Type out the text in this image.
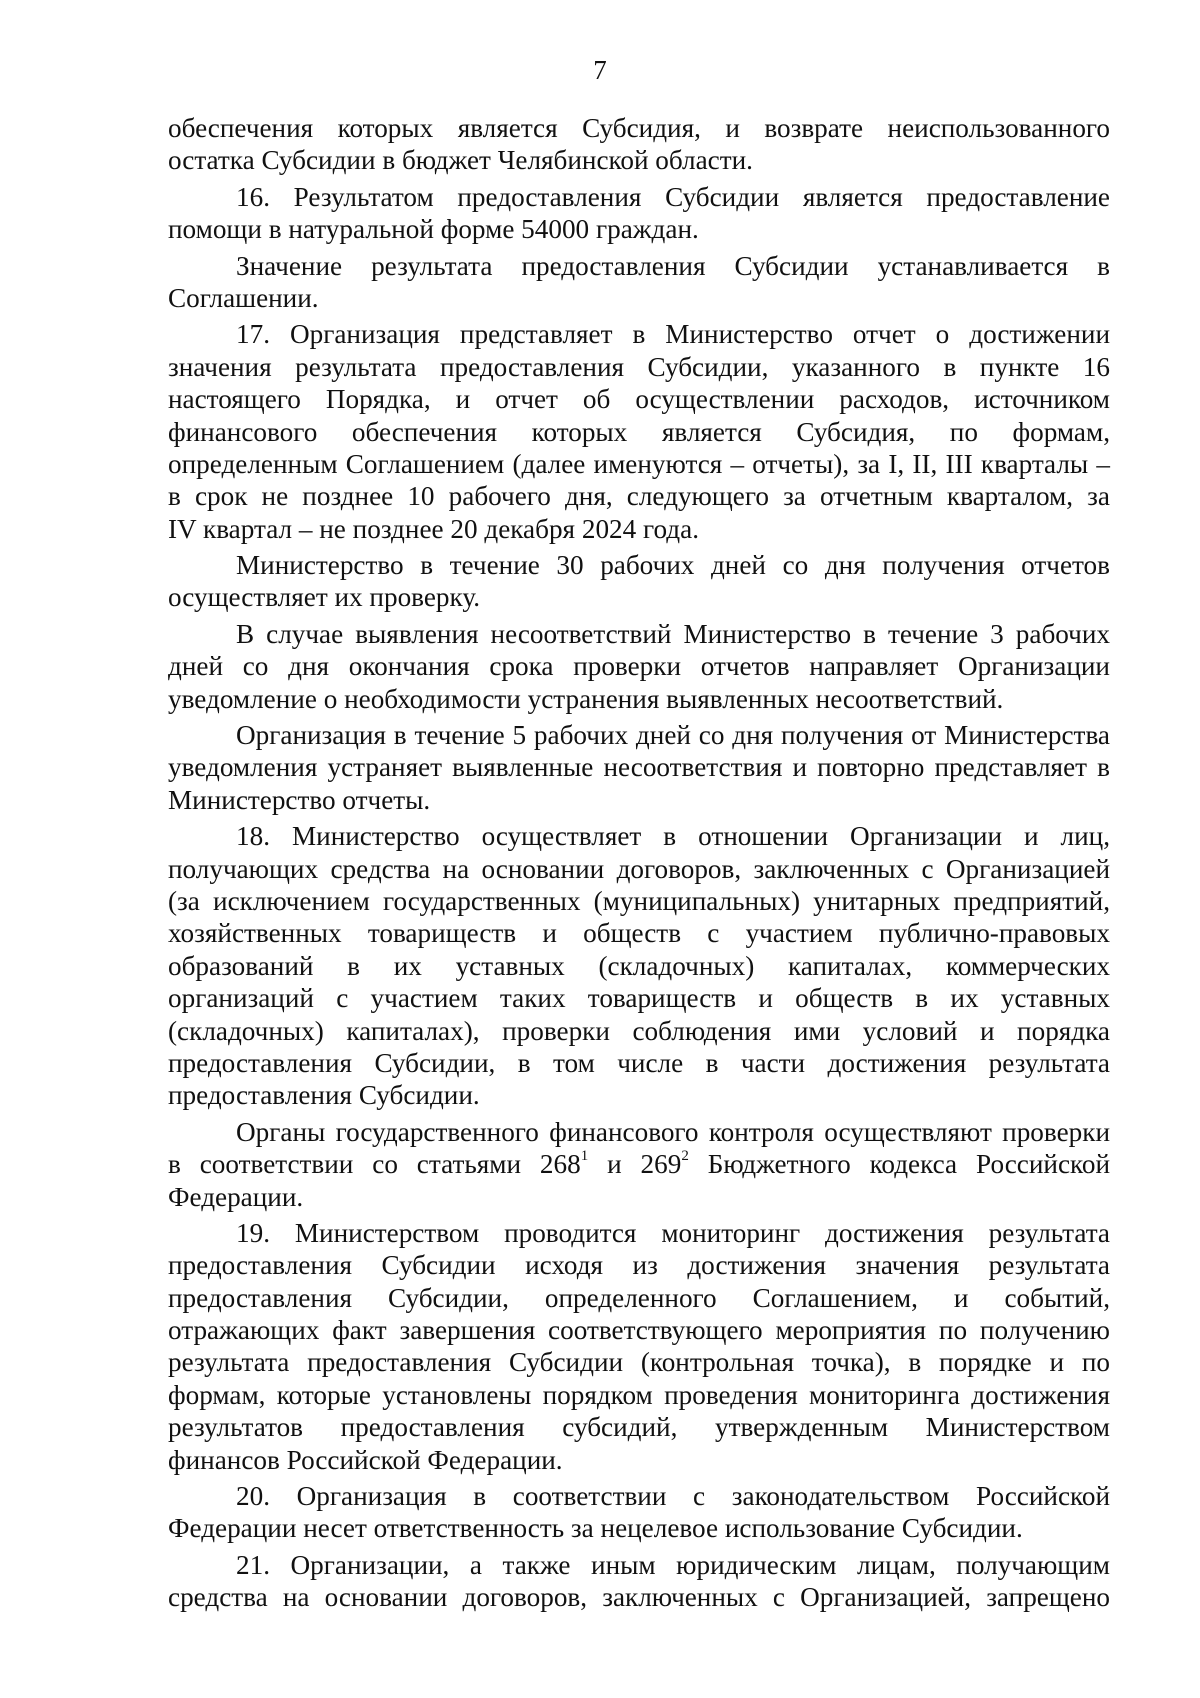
7
обеспечения которых является Субсидия, и возврате неиспользованного
остатка Субсидии в бюджет Челябинской области.
16. Результатом предоставления Субсидии является предоставление
помощи в натуральной форме 54000 граждан.
Значение результата предоставления Субсидии устанавливается в
Соглашении.
17. Организация представляет в Министерство отчет о достижении
значения результата предоставления Субсидии, указанного в пункте 16
настоящего Порядка, и отчет об осуществлении расходов, источником
финансового обеспечения которых является Субсидия, по формам,
определенным Соглашением (далее именуются – отчеты), за I, II, III кварталы –
в срок не позднее 10 рабочего дня, следующего за отчетным кварталом, за
IV квартал – не позднее 20 декабря 2024 года.
Министерство в течение 30 рабочих дней со дня получения отчетов
осуществляет их проверку.
В случае выявления несоответствий Министерство в течение 3 рабочих
дней со дня окончания срока проверки отчетов направляет Организации
уведомление о необходимости устранения выявленных несоответствий.
Организация в течение 5 рабочих дней со дня получения от Министерства
уведомления устраняет выявленные несоответствия и повторно представляет в
Министерство отчеты.
18. Министерство осуществляет в отношении Организации и лиц,
получающих средства на основании договоров, заключенных с Организацией
(за исключением государственных (муниципальных) унитарных предприятий,
хозяйственных товариществ и обществ с участием публично-правовых
образований в их уставных (складочных) капиталах, коммерческих
организаций с участием таких товариществ и обществ в их уставных
(складочных) капиталах), проверки соблюдения ими условий и порядка
предоставления Субсидии, в том числе в части достижения результата
предоставления Субсидии.
Органы государственного финансового контроля осуществляют проверки
в соответствии со статьями $268^1$ и $269^2$ Бюджетного кодекса Российской
Федерации.
19. Министерством проводится мониторинг достижения результата
предоставления Субсидии исходя из достижения значения результата
предоставления Субсидии, определенного Соглашением, и событий,
отражающих факт завершения соответствующего мероприятия по получению
результата предоставления Субсидии (контрольная точка), в порядке и по
формам, которые установлены порядком проведения мониторинга достижения
результатов предоставления субсидий, утвержденным Министерством
финансов Российской Федерации.
20. Организация в соответствии с законодательством Российской
Федерации несет ответственность за нецелевое использование Субсидии.
21. Организации, а также иным юридическим лицам, получающим
средства на основании договоров, заключенных с Организацией, запрещено
